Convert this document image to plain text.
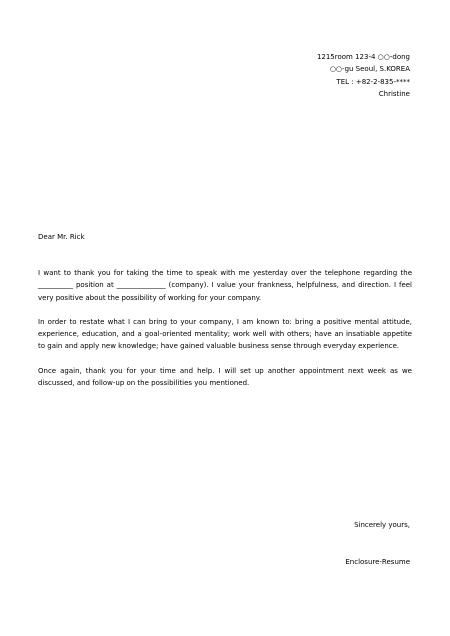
1215room 123-4 ○○-dong
○○-gu Seoul, S.KOREA
TEL : +82-2-835-****
Christine
Dear Mr. Rick

I want to thank you for taking the time to speak with me yesterday over the telephone regarding the __________ position at ______________ (company). I value your frankness, helpfulness, and direction. I feel very positive about the possibility of working for your company.

In order to restate what I can bring to your company, I am known to: bring a positive mental attitude, experience, education, and a goal-oriented mentality; work well with others; have an insatiable appetite to gain and apply new knowledge; have gained valuable business sense through everyday experience.

Once again, thank you for your time and help. I will set up another appointment next week as we discussed, and follow-up on the possibilities you mentioned.

Sincerely yours,
Enclosure-Resume
